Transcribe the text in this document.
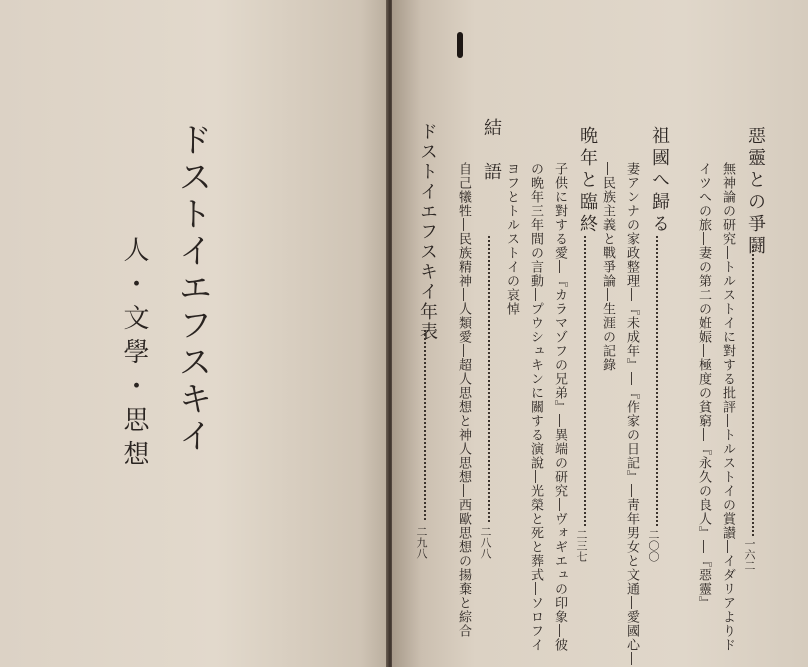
ドストイエフスキイ
人・文學・思想
惡靈との爭鬪
一六二
無神論の研究―トルストイに對する批評―トルストイの賞讃―イダリアよりド
イツへの旅―妻の第二の姙娠―極度の貧窮―『永久の良人』―『惡靈』
祖國へ歸る
二〇〇
妻アンナの家政整理―『未成年』―『作家の日記』―靑年男女と文通―愛國心―
―民族主義と戰爭論―生涯の記錄
晩年と臨終
二三七
子供に對する愛―『カラマゾフの兄弟』―異端の研究―ヴォギエュの印象―彼
の晩年三年間の言動―プウシュキンに關する演說―光榮と死と葬式―ソロフイ
ヨフとトルストイの哀悼
結　語
二八八
自己犧牲―民族精神―人類愛―超人思想と神人思想―西歐思想の揚棄と綜合
ドストイエフスキイ年表
二九八
